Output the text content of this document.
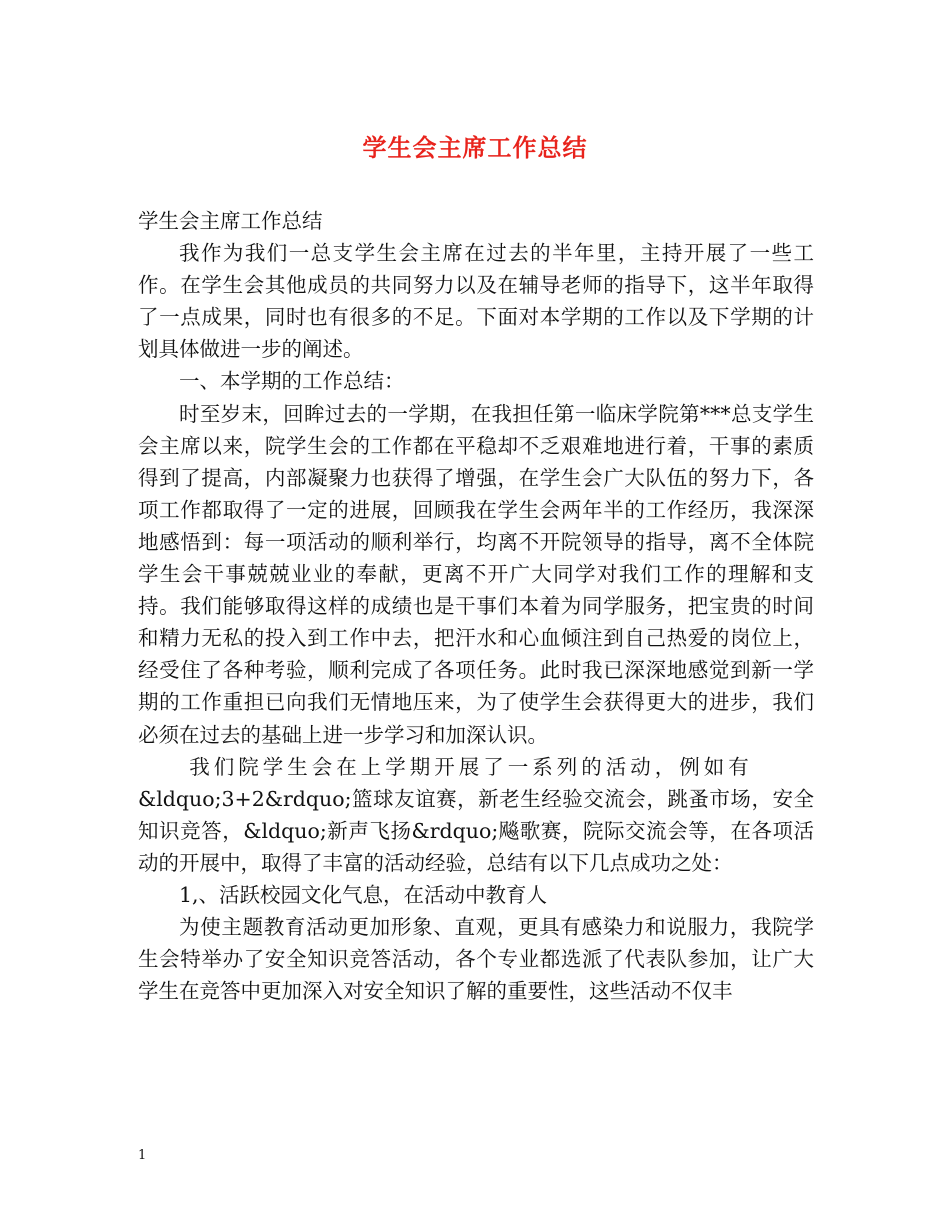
学生会主席工作总结

学生会主席工作总结

我作为我们一总支学生会主席在过去的半年里，主持开展了一些工作。在学生会其他成员的共同努力以及在辅导老师的指导下，这半年取得了一点成果，同时也有很多的不足。下面对本学期的工作以及下学期的计划具体做进一步的阐述。

一、本学期的工作总结：

时至岁末，回眸过去的一学期，在我担任第一临床学院第***总支学生会主席以来，院学生会的工作都在平稳却不乏艰难地进行着，干事的素质得到了提高，内部凝聚力也获得了增强，在学生会广大队伍的努力下，各项工作都取得了一定的进展，回顾我在学生会两年半的工作经历，我深深地感悟到：每一项活动的顺利举行，均离不开院领导的指导，离不全体院学生会干事兢兢业业的奉献，更离不开广大同学对我们工作的理解和支持。我们能够取得这样的成绩也是干事们本着为同学服务，把宝贵的时间和精力无私的投入到工作中去，把汗水和心血倾注到自己热爱的岗位上，经受住了各种考验，顺利完成了各项任务。此时我已深深地感觉到新一学期的工作重担已向我们无情地压来，为了使学生会获得更大的进步，我们必须在过去的基础上进一步学习和加深认识。

我们院学生会在上学期开展了一系列的活动，例如有

&ldquo;3+2&rdquo;篮球友谊赛，新老生经验交流会，跳蚤市场，安全知识竞答，&ldquo;新声飞扬&rdquo;飚歌赛，院际交流会等，在各项活动的开展中，取得了丰富的活动经验，总结有以下几点成功之处：

1,、活跃校园文化气息，在活动中教育人

为使主题教育活动更加形象、直观，更具有感染力和说服力，我院学生会特举办了安全知识竞答活动，各个专业都选派了代表队参加，让广大学生在竞答中更加深入对安全知识了解的重要性，这些活动不仅丰

1
